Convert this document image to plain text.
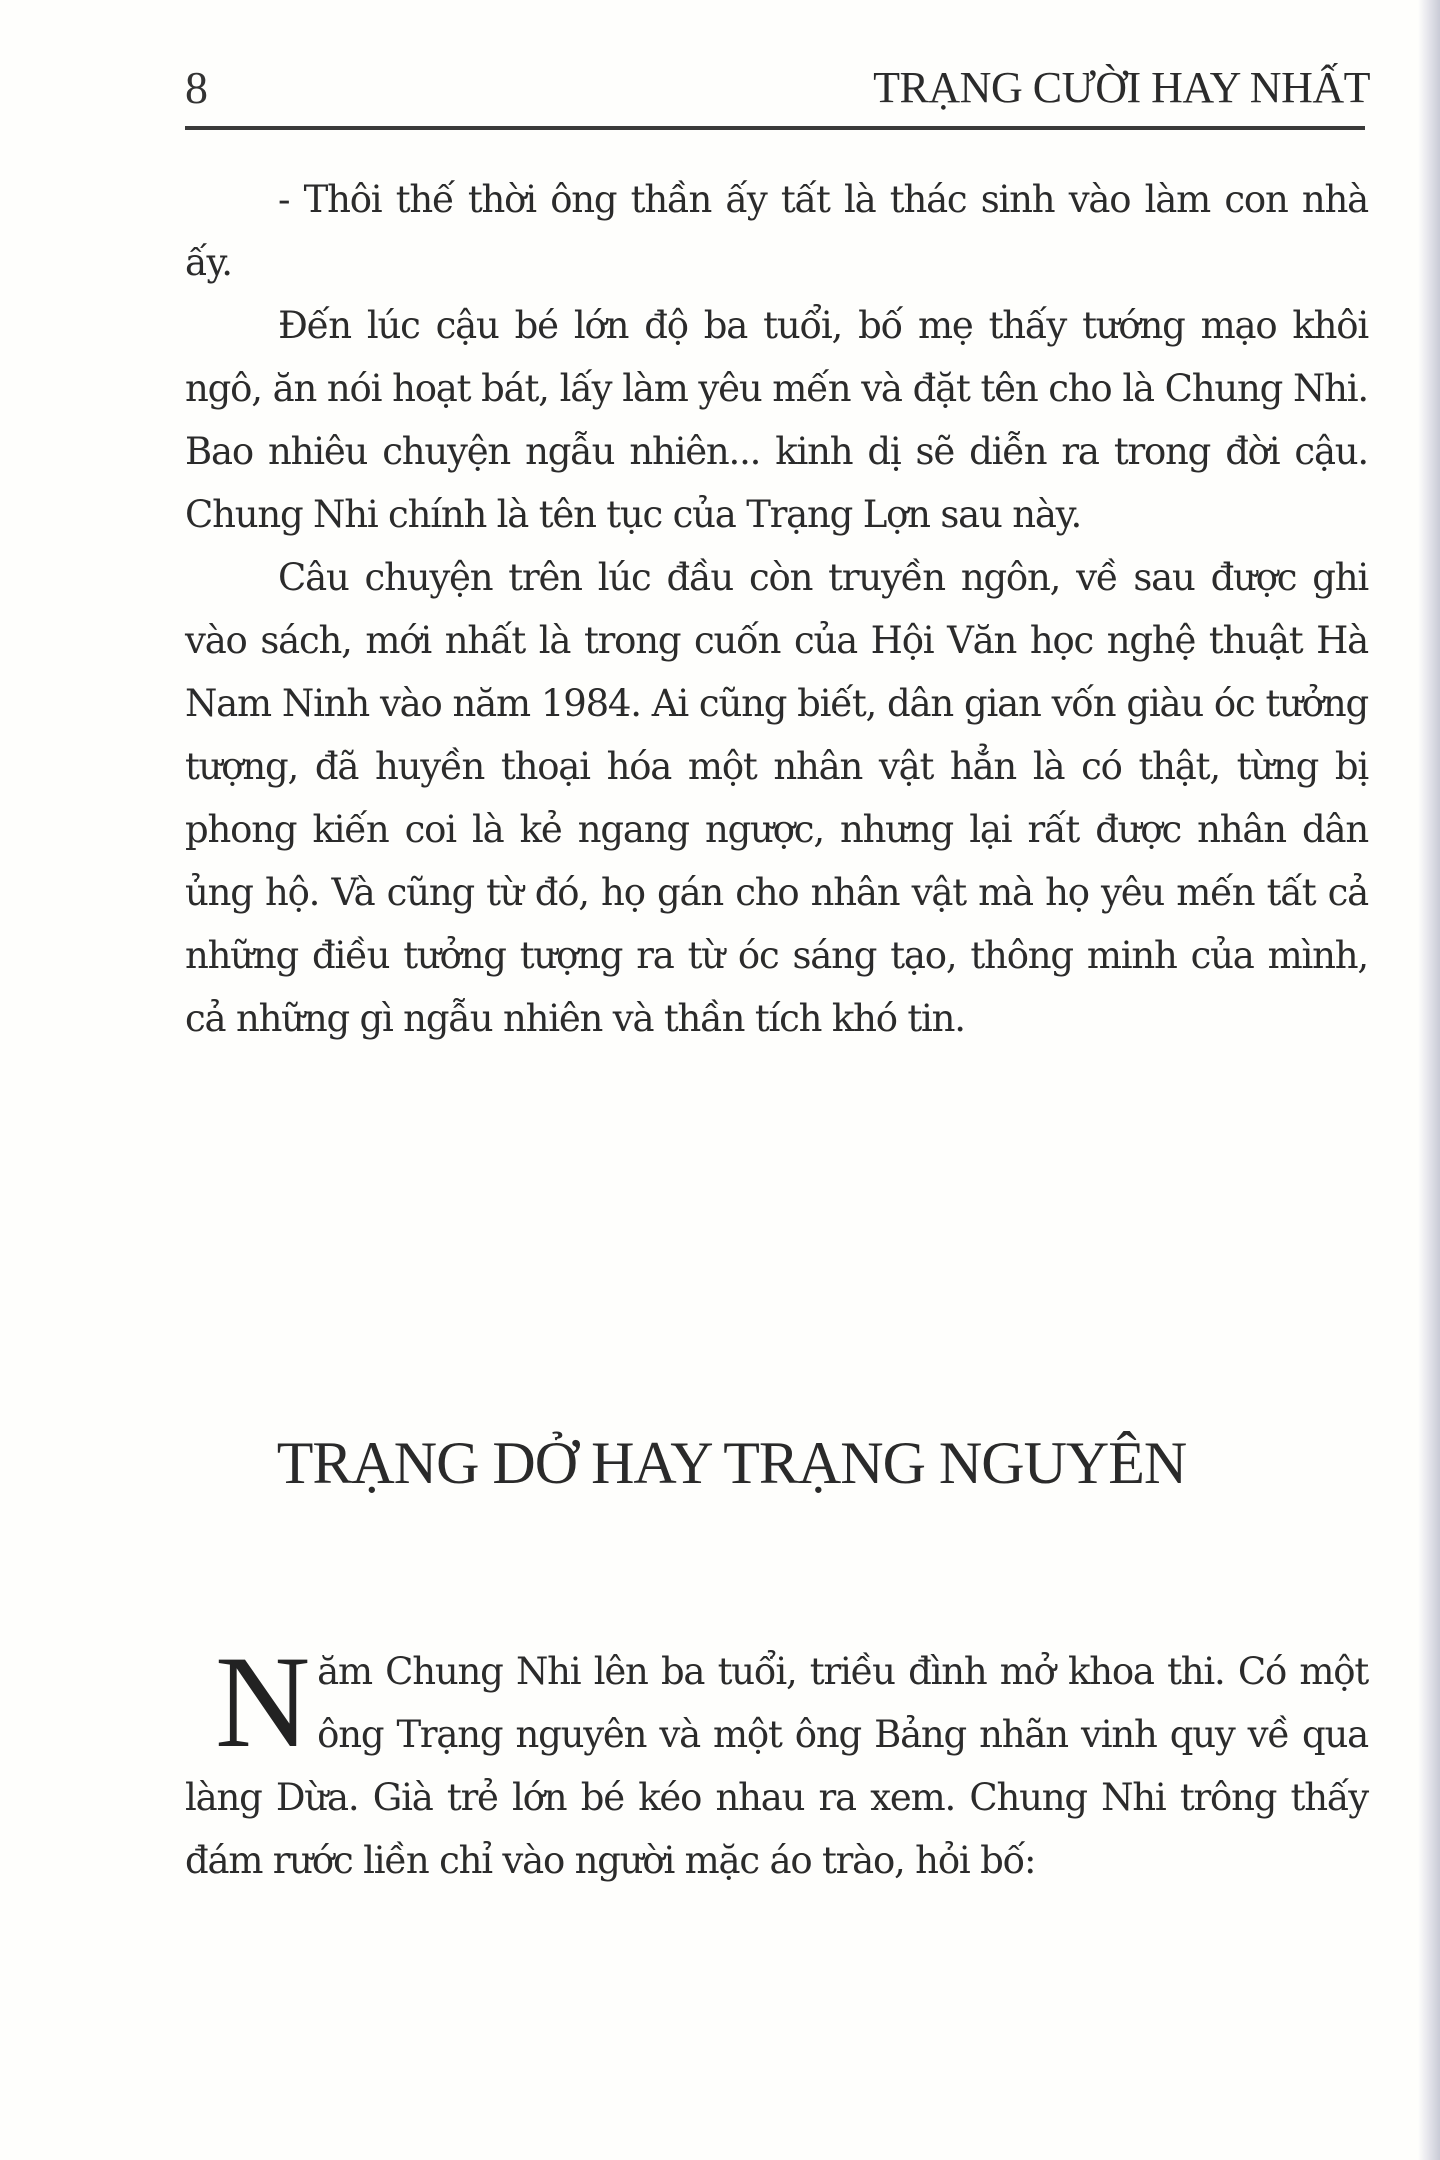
8	TRẠNG CƯỜI HAY NHẤT

- Thôi thế thời ông thần ấy tất là thác sinh vào làm con nhà ấy.

Đến lúc cậu bé lớn độ ba tuổi, bố mẹ thấy tướng mạo khôi ngô, ăn nói hoạt bát, lấy làm yêu mến và đặt tên cho là Chung Nhi. Bao nhiêu chuyện ngẫu nhiên... kinh dị sẽ diễn ra trong đời cậu. Chung Nhi chính là tên tục của Trạng Lợn sau này.

Câu chuyện trên lúc đầu còn truyền ngôn, về sau được ghi vào sách, mới nhất là trong cuốn của Hội Văn học nghệ thuật Hà Nam Ninh vào năm 1984. Ai cũng biết, dân gian vốn giàu óc tưởng tượng, đã huyền thoại hóa một nhân vật hẳn là có thật, từng bị phong kiến coi là kẻ ngang ngược, nhưng lại rất được nhân dân ủng hộ. Và cũng từ đó, họ gán cho nhân vật mà họ yêu mến tất cả những điều tưởng tượng ra từ óc sáng tạo, thông minh của mình, cả những gì ngẫu nhiên và thần tích khó tin.

TRẠNG DỞ HAY TRẠNG NGUYÊN

Năm Chung Nhi lên ba tuổi, triều đình mở khoa thi. Có một ông Trạng nguyên và một ông Bảng nhãn vinh quy về qua làng Dừa. Già trẻ lớn bé kéo nhau ra xem. Chung Nhi trông thấy đám rước liền chỉ vào người mặc áo trào, hỏi bố:
